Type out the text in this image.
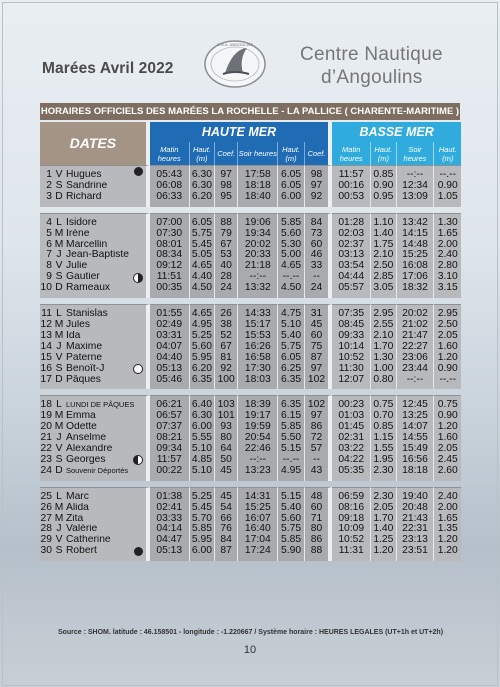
Marées Avril 2022
C.N.A. ANGOULINS Centre Nautique
d’Angoulins
HORAIRES OFFICIELS DES MARÉES LA ROCHELLE - LA PALLICE ( CHARENTE-MARITIME )
DATES	HAUTE MER						BASSE MER			
	Matin heures	Haut. (m)	Coef.	Soir heures	Haut. (m)	Coef.	Matin heures	Haut. (m)	Soir heures	Haut. (m)
1 V Hugues	05:43	6.30	97	17:58	6.05	98	11:57	0.85	--:--	--.--
2 S Sandrine	06:08	6.30	98	18:18	6.05	97	00:16	0.90	12:34	0.90
3 D Richard	06:33	6.20	95	18:40	6.00	92	00:53	0.95	13:09	1.05

4 L Isidore	07:00	6.05	88	19:06	5.85	84	01:28	1.10	13:42	1.30
5 M Irène	07:30	5.75	79	19:34	5.60	73	02:03	1.40	14:15	1.65
6 M Marcellin	08:01	5.45	67	20:02	5.30	60	02:37	1.75	14:48	2.00
7 J Jean-Baptiste	08:34	5.05	53	20:33	5.00	46	03:13	2.10	15:25	2.40
8 V Julie	09:12	4.65	40	21:18	4.65	33	03:54	2.50	16:08	2.80
9 S Gautier	11:51	4.40	28	--:--	--.--	--	04:44	2.85	17:06	3.10
10 D Rameaux	00:35	4.50	24	13:32	4.50	24	05:57	3.05	18:32	3.15

11 L Stanislas	01:55	4.65	26	14:33	4.75	31	07:35	2.95	20:02	2.95
12 M Jules	02:49	4.95	38	15:17	5.10	45	08:45	2.55	21:02	2.50
13 M Ida	03:31	5.25	52	15:53	5.40	60	09:33	2.10	21:47	2.05
14 J Maxime	04:07	5.60	67	16:26	5.75	75	10:14	1.70	22:27	1.60
15 V Paterne	04:40	5.95	81	16:58	6.05	87	10:52	1.30	23:06	1.20
16 S Benoît-J	05:13	6.20	92	17:30	6.25	97	11:30	1.00	23:44	0.90
17 D Pâques	05:46	6.35	100	18:03	6.35	102	12:07	0.80	--:--	--.--

18 L LUNDI DE PÂQUES	06:21	6.40	103	18:39	6.35	102	00:23	0.75	12:45	0.75
19 M Emma	06:57	6.30	101	19:17	6.15	97	01:03	0.70	13:25	0.90
20 M Odette	07:37	6.00	93	19:59	5.85	86	01:45	0.85	14:07	1.20
21 J Anselme	08:21	5.55	80	20:54	5.50	72	02:31	1.15	14:55	1.60
22 V Alexandre	09:34	5.10	64	22:46	5.15	57	03:22	1.55	15:49	2.05
23 S Georges	11:57	4.85	50	--:--	--.--	--	04:22	1.95	16:56	2.45
24 D Souvenir Déportés	00:22	5.10	45	13:23	4.95	43	05:35	2.30	18:18	2.60

25 L Marc	01:38	5.25	45	14:31	5.15	48	06:59	2.30	19:40	2.40
26 M Alida	02:41	5.45	54	15:25	5.40	60	08:16	2.05	20:48	2.00
27 M Zita	03:33	5.70	66	16:07	5.60	71	09:18	1.70	21:43	1.65
28 J Valérie	04:14	5.85	76	16:40	5.75	80	10:09	1.40	22:31	1.35
29 V Catherine	04:47	5.95	84	17:04	5.85	86	10:52	1.25	23:13	1.20
30 S Robert	05:13	6.00	87	17:24	5.90	88	11:31	1.20	23:51	1.20
Source : SHOM. latitude : 46.158501 - longitude : -1.220667 / Système horaire : HEURES LEGALES (UT+1h et UT+2h)
10
